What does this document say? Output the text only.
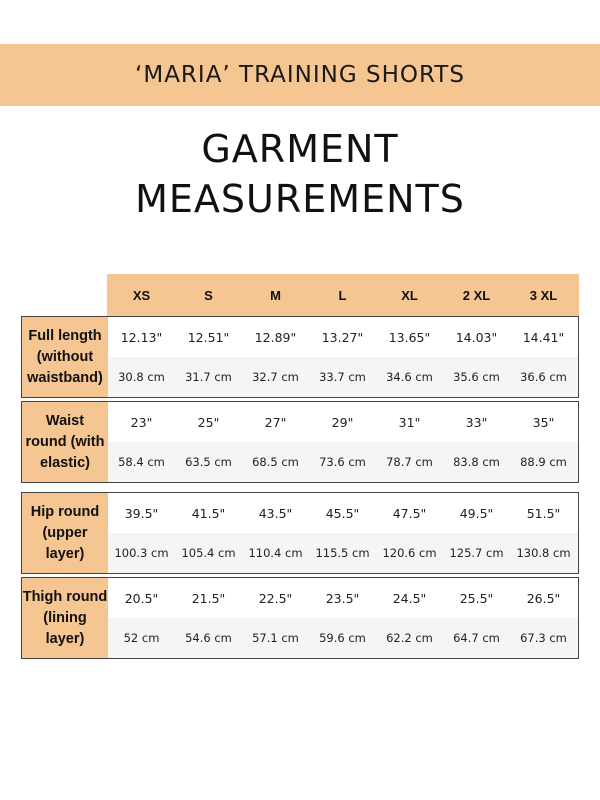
‘MARIA’ TRAINING SHORTS
GARMENT
MEASUREMENTS
XS	S	M	L	XL	2 XL	3 XL
Full length
(without
waistband)
12.13"	12.51"	12.89"	13.27"	13.65"	14.03"	14.41"
30.8 cm	31.7 cm	32.7 cm	33.7 cm	34.6 cm	35.6 cm	36.6 cm
Waist
round (with
elastic)
23"	25"	27"	29"	31"	33"	35"
58.4 cm	63.5 cm	68.5 cm	73.6 cm	78.7 cm	83.8 cm	88.9 cm
Hip round
(upper
layer)
39.5"	41.5"	43.5"	45.5"	47.5"	49.5"	51.5"
100.3 cm	105.4 cm	110.4 cm	115.5 cm	120.6 cm	125.7 cm	130.8 cm
Thigh round
(lining
layer)
20.5"	21.5"	22.5"	23.5"	24.5"	25.5"	26.5"
52 cm	54.6 cm	57.1 cm	59.6 cm	62.2 cm	64.7 cm	67.3 cm
